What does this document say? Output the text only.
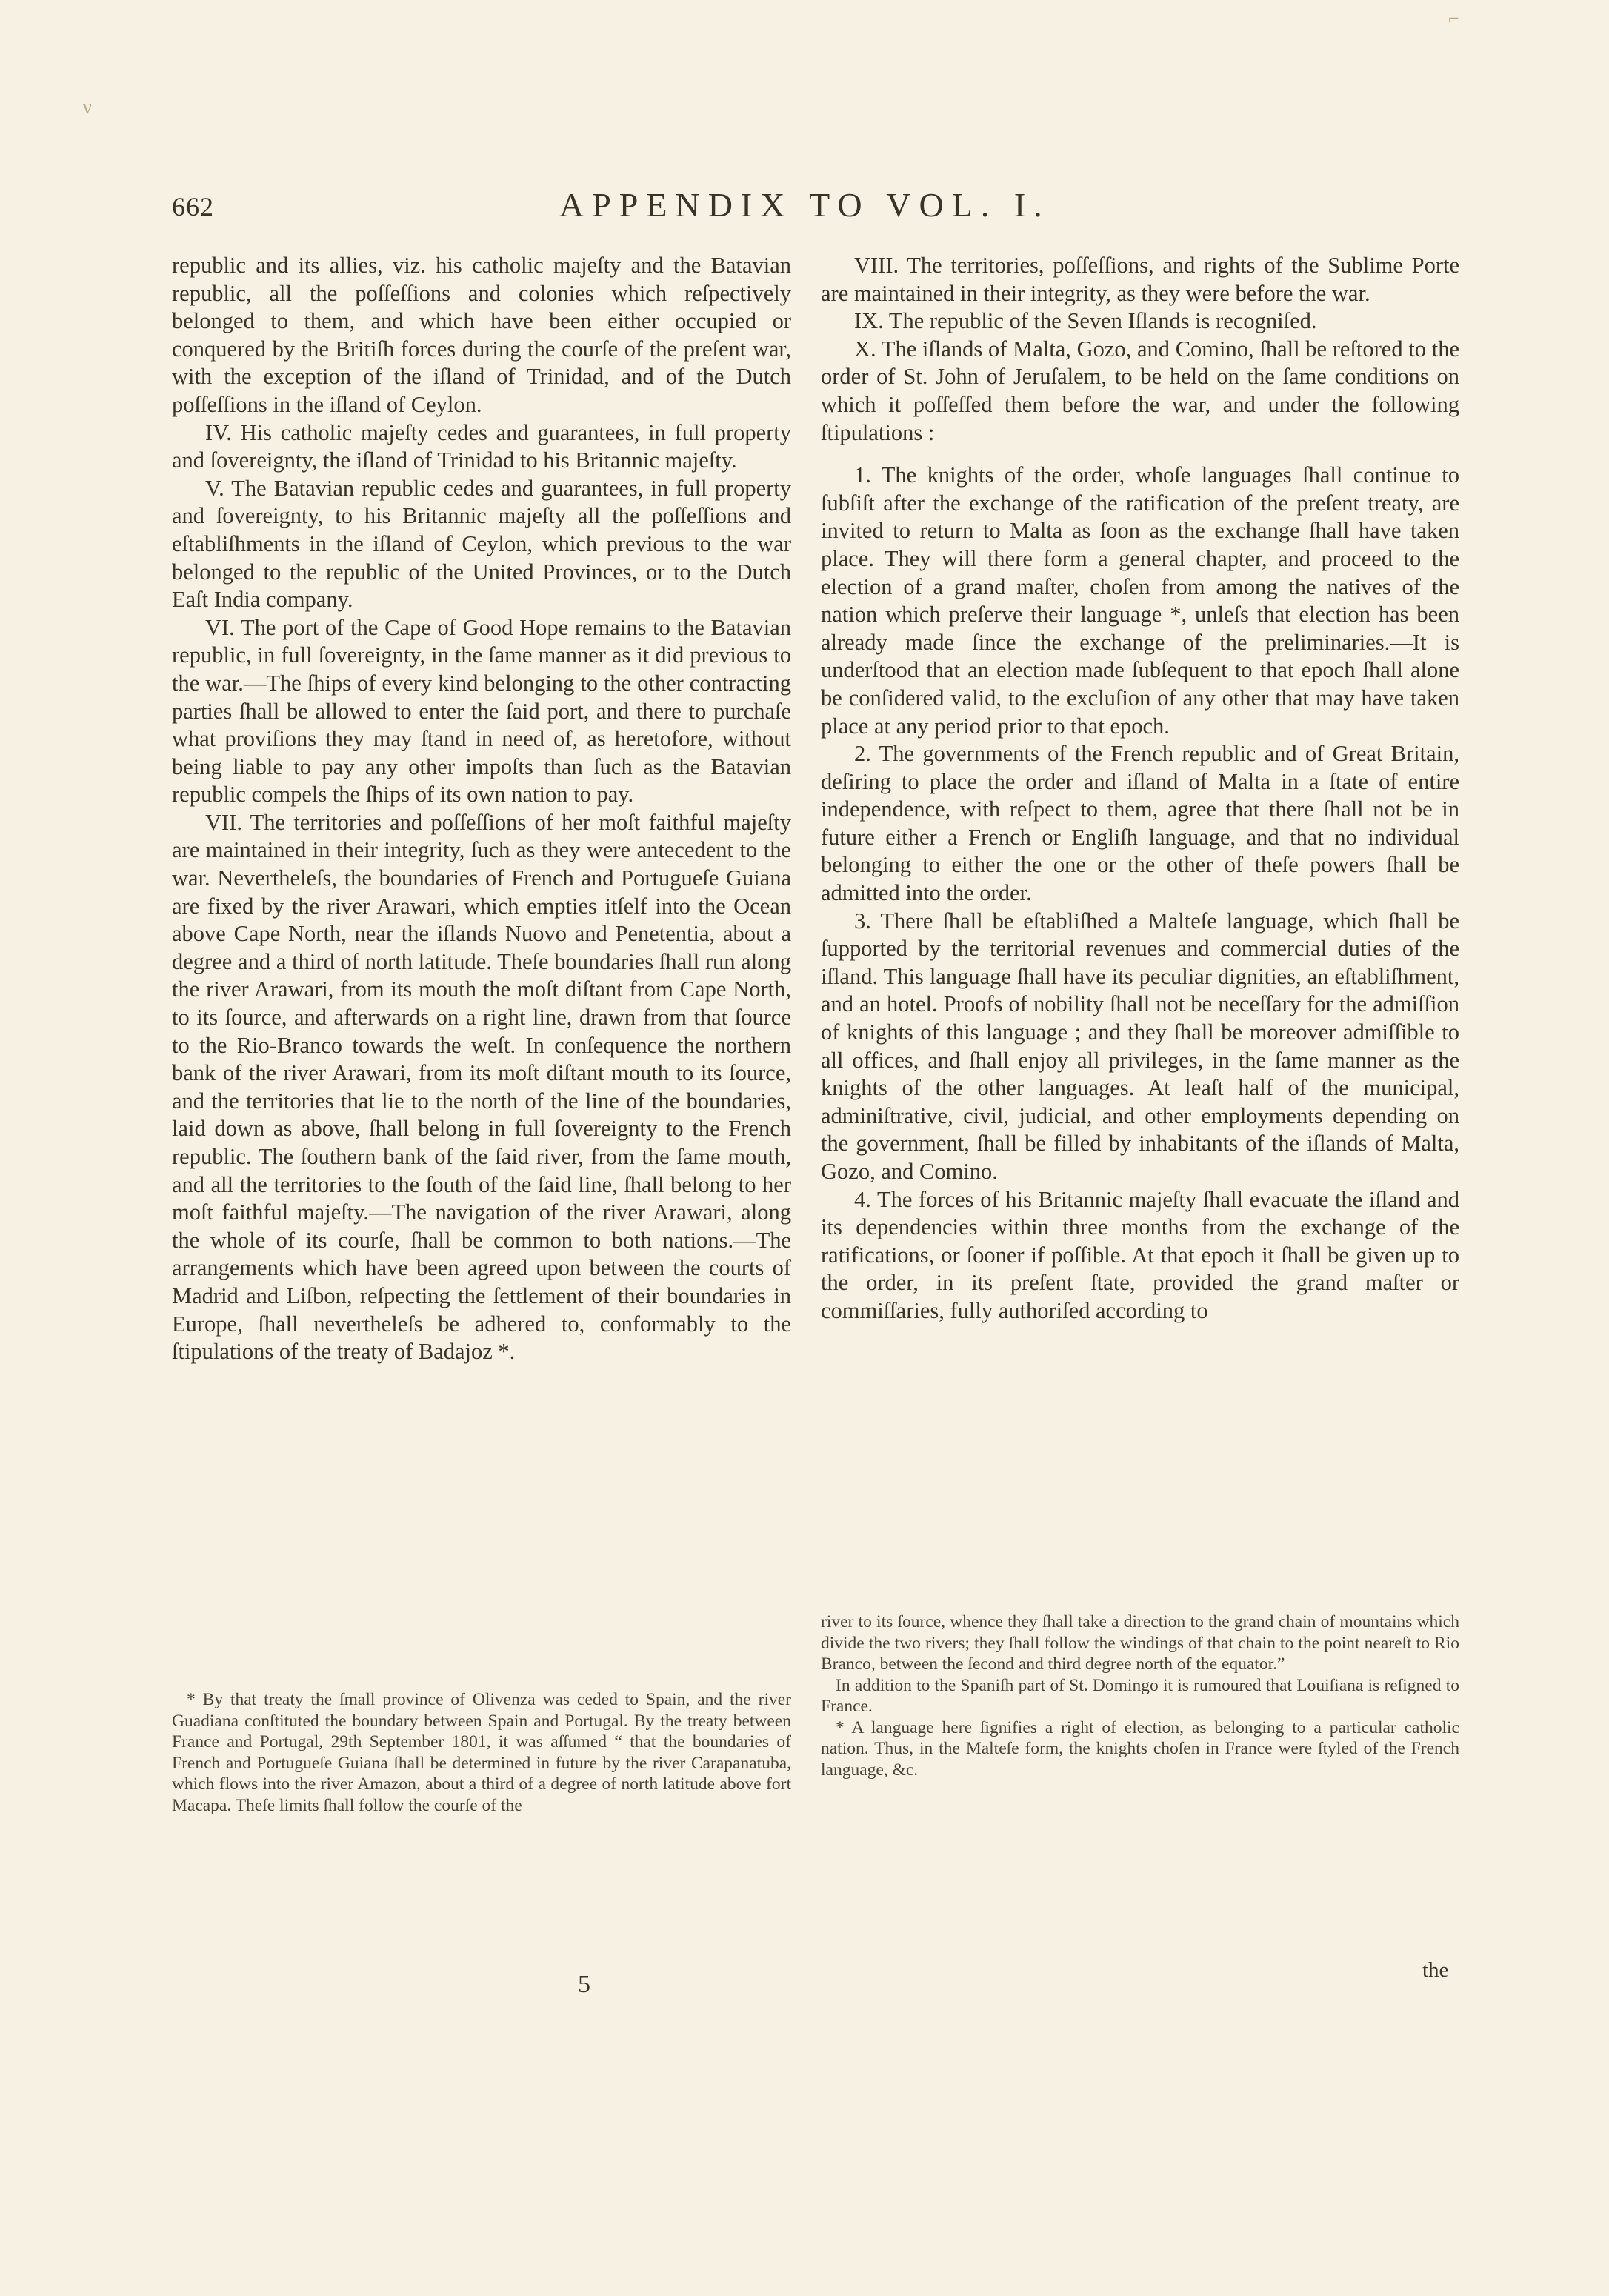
⌐
ν
662	APPENDIX TO VOL. I.

republic and its allies, viz. his catholic majeſty and the Batavian republic, all the poſſeſſions and colonies which reſpectively belonged to them, and which have been either occupied or conquered by the Britiſh forces during the courſe of the preſent war, with the exception of the iſland of Trinidad, and of the Dutch poſſeſſions in the iſland of Ceylon.

IV. His catholic majeſty cedes and guarantees, in full property and ſovereignty, the iſland of Trinidad to his Britannic majeſty.

V. The Batavian republic cedes and guarantees, in full property and ſovereignty, to his Britannic majeſty all the poſſeſſions and eſtabliſhments in the iſland of Ceylon, which previous to the war belonged to the republic of the United Provinces, or to the Dutch Eaſt India company.

VI. The port of the Cape of Good Hope remains to the Batavian republic, in full ſovereignty, in the ſame manner as it did previous to the war.—The ſhips of every kind belonging to the other contracting parties ſhall be allowed to enter the ſaid port, and there to purchaſe what proviſions they may ſtand in need of, as heretofore, without being liable to pay any other impoſts than ſuch as the Batavian republic compels the ſhips of its own nation to pay.

VII. The territories and poſſeſſions of her moſt faithful majeſty are maintained in their integrity, ſuch as they were antecedent to the war. Nevertheleſs, the boundaries of French and Portugueſe Guiana are fixed by the river Arawari, which empties itſelf into the Ocean above Cape North, near the iſlands Nuovo and Penetentia, about a degree and a third of north latitude. Theſe boundaries ſhall run along the river Arawari, from its mouth the moſt diſtant from Cape North, to its ſource, and afterwards on a right line, drawn from that ſource to the Rio-Branco towards the weſt. In conſequence the northern bank of the river Arawari, from its moſt diſtant mouth to its ſource, and the territories that lie to the north of the line of the boundaries, laid down as above, ſhall belong in full ſovereignty to the French republic. The ſouthern bank of the ſaid river, from the ſame mouth, and all the territories to the ſouth of the ſaid line, ſhall belong to her moſt faithful majeſty.—The navigation of the river Arawari, along the whole of its courſe, ſhall be common to both nations.—The arrangements which have been agreed upon between the courts of Madrid and Liſbon, reſpecting the ſettlement of their boundaries in Europe, ſhall nevertheleſs be adhered to, conformably to the ſtipulations of the treaty of Badajoz *.

VIII. The territories, poſſeſſions, and rights of the Sublime Porte are maintained in their integrity, as they were before the war.

IX. The republic of the Seven Iſlands is recogniſed.

X. The iſlands of Malta, Gozo, and Comino, ſhall be reſtored to the order of St. John of Jeruſalem, to be held on the ſame conditions on which it poſſeſſed them before the war, and under the following ſtipulations :

1. The knights of the order, whoſe languages ſhall continue to ſubſiſt after the exchange of the ratification of the preſent treaty, are invited to return to Malta as ſoon as the exchange ſhall have taken place. They will there form a general chapter, and proceed to the election of a grand maſter, choſen from among the natives of the nation which preſerve their language *, unleſs that election has been already made ſince the exchange of the preliminaries.—It is underſtood that an election made ſubſequent to that epoch ſhall alone be conſidered valid, to the excluſion of any other that may have taken place at any period prior to that epoch.

2. The governments of the French republic and of Great Britain, deſiring to place the order and iſland of Malta in a ſtate of entire independence, with reſpect to them, agree that there ſhall not be in future either a French or Engliſh language, and that no individual belonging to either the one or the other of theſe powers ſhall be admitted into the order.

3. There ſhall be eſtabliſhed a Malteſe language, which ſhall be ſupported by the territorial revenues and commercial duties of the iſland. This language ſhall have its peculiar dignities, an eſtabliſhment, and an hotel. Proofs of nobility ſhall not be neceſſary for the admiſſion of knights of this language ; and they ſhall be moreover admiſſible to all offices, and ſhall enjoy all privileges, in the ſame manner as the knights of the other languages. At leaſt half of the municipal, adminiſtrative, civil, judicial, and other employments depending on the government, ſhall be filled by inhabitants of the iſlands of Malta, Gozo, and Comino.

4. The forces of his Britannic majeſty ſhall evacuate the iſland and its dependencies within three months from the exchange of the ratifications, or ſooner if poſſible. At that epoch it ſhall be given up to the order, in its preſent ſtate, provided the grand maſter or commiſſaries, fully authoriſed according to

* By that treaty the ſmall province of Olivenza was ceded to Spain, and the river Guadiana conſtituted the boundary between Spain and Portugal. By the treaty between France and Portugal, 29th September 1801, it was aſſumed “ that the boundaries of French and Portugueſe Guiana ſhall be determined in future by the river Carapanatuba, which flows into the river Amazon, about a third of a degree of north latitude above fort Macapa. Theſe limits ſhall follow the courſe of the

river to its ſource, whence they ſhall take a direction to the grand chain of mountains which divide the two rivers; they ſhall follow the windings of that chain to the point neareſt to Rio Branco, between the ſecond and third degree north of the equator.”

In addition to the Spaniſh part of St. Domingo it is rumoured that Louiſiana is reſigned to France.

* A language here ſignifies a right of election, as belonging to a particular catholic nation. Thus, in the Malteſe form, the knights choſen in France were ſtyled of the French language, &c.

5
the
